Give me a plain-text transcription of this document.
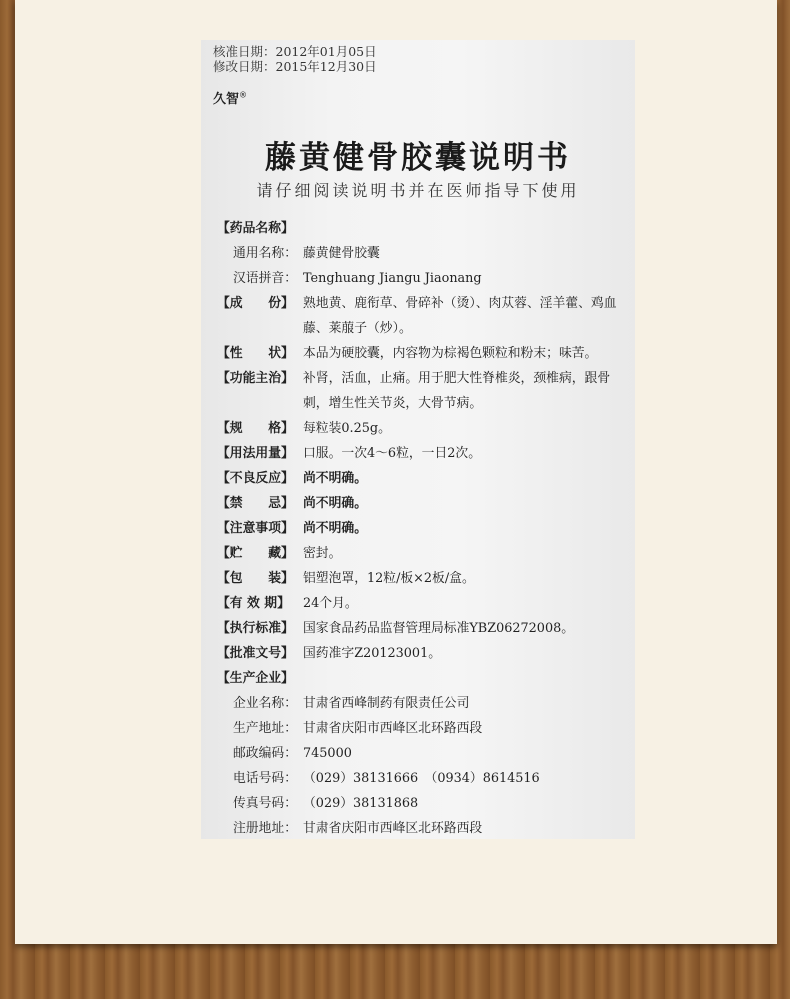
核准日期：2012年01月05日
修改日期：2015年12月30日
久智®
藤黄健骨胶囊说明书
请仔细阅读说明书并在医师指导下使用
【药品名称】
通用名称： 藤黄健骨胶囊
汉语拼音： Tenghuang Jiangu Jiaonang
【成　　份】 熟地黄、鹿衔草、骨碎补（烫）、肉苁蓉、淫羊藿、鸡血藤、莱菔子（炒）。
【性　　状】 本品为硬胶囊，内容物为棕褐色颗粒和粉末；味苦。
【功能主治】 补肾，活血，止痛。用于肥大性脊椎炎，颈椎病，跟骨刺，增生性关节炎，大骨节病。
【规　　格】 每粒装0.25g。
【用法用量】 口服。一次4～6粒，一日2次。
【不良反应】 尚不明确。
【禁　　忌】 尚不明确。
【注意事项】 尚不明确。
【贮　　藏】 密封。
【包　　装】 铝塑泡罩，12粒/板×2板/盒。
【有 效 期】	24个月。
【执行标准】 国家食品药品监督管理局标准YBZ06272008。
【批准文号】 国药准字Z20123001。
【生产企业】
企业名称： 甘肃省西峰制药有限责任公司
生产地址： 甘肃省庆阳市西峰区北环路西段
邮政编码： 745000
电话号码： （029）38131666　（0934）8614516
传真号码： （029）38131868
注册地址： 甘肃省庆阳市西峰区北环路西段
